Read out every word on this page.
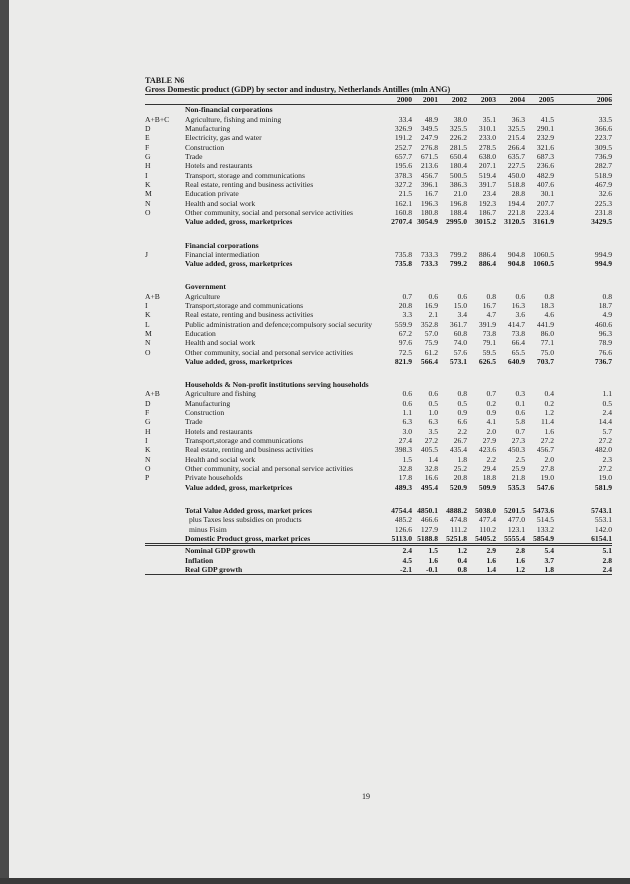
TABLE N6
Gross Domestic product (GDP) by sector and industry, Netherlands Antilles (mln ANG)
		2000	2001	2002	2003	2004	2005	2006
	Non-financial corporations							
A+B+C	Agriculture, fishing and mining	33.4	48.9	38.0	35.1	36.3	41.5	33.5
D	Manufacturing	326.9	349.5	325.5	310.1	325.5	290.1	366.6
E	Electricity, gas and water	191.2	247.9	226.2	233.0	215.4	232.9	223.7
F	Construction	252.7	276.8	281.5	278.5	266.4	321.6	309.5
G	Trade	657.7	671.5	650.4	638.0	635.7	687.3	736.9
H	Hotels and restaurants	195.6	213.6	180.4	207.1	227.5	236.6	282.7
I	Transport, storage and communications	378.3	456.7	500.5	519.4	450.0	482.9	518.9
K	Real estate, renting and business activities	327.2	396.1	386.3	391.7	518.8	407.6	467.9
M	Education private	21.5	16.7	21.0	23.4	28.8	30.1	32.6
N	Health and social work	162.1	196.3	196.8	192.3	194.4	207.7	225.3
O	Other community, social and personal service activities	160.8	180.8	188.4	186.7	221.8	223.4	231.8
	Value added, gross, marketprices	2707.4	3054.9	2995.0	3015.2	3120.5	3161.9	3429.5

	Financial corporations							
J	Financial intermediation	735.8	733.3	799.2	886.4	904.8	1060.5	994.9
	Value added, gross, marketprices	735.8	733.3	799.2	886.4	904.8	1060.5	994.9

	Government							
A+B	Agriculture	0.7	0.6	0.6	0.8	0.6	0.8	0.8
I	Transport,storage and communications	20.8	16.9	15.0	16.7	16.3	18.3	18.7
K	Real estate, renting and business activities	3.3	2.1	3.4	4.7	3.6	4.6	4.9
L	Public administration and defence;compulsory social security	559.9	352.8	361.7	391.9	414.7	441.9	460.6
M	Education	67.2	57.0	60.8	73.8	73.8	86.0	96.3
N	Health and social work	97.6	75.9	74.0	79.1	66.4	77.1	78.9
O	Other community, social and personal service activities	72.5	61.2	57.6	59.5	65.5	75.0	76.6
	Value added, gross, marketprices	821.9	566.4	573.1	626.5	640.9	703.7	736.7

	Households & Non-profit institutions serving households							
A+B	Agriculture and fishing	0.6	0.6	0.8	0.7	0.3	0.4	1.1
D	Manufacturing	0.6	0.5	0.5	0.2	0.1	0.2	0.5
F	Construction	1.1	1.0	0.9	0.9	0.6	1.2	2.4
G	Trade	6.3	6.3	6.6	4.1	5.8	11.4	14.4
H	Hotels and restaurants	3.0	3.5	2.2	2.0	0.7	1.6	5.7
I	Transport,storage and communications	27.4	27.2	26.7	27.9	27.3	27.2	27.2
K	Real estate, renting and business activities	398.3	405.5	435.4	423.6	450.3	456.7	482.0
N	Health and social work	1.5	1.4	1.8	2.2	2.5	2.0	2.3
O	Other community, social and personal service activities	32.8	32.8	25.2	29.4	25.9	27.8	27.2
P	Private households	17.8	16.6	20.8	18.8	21.8	19.0	19.0
	Value added, gross, marketprices	489.3	495.4	520.9	509.9	535.3	547.6	581.9

	Total Value Added gross, market prices	4754.4	4850.1	4888.2	5038.0	5201.5	5473.6	5743.1
	plus Taxes less subsidies on products	485.2	466.6	474.8	477.4	477.0	514.5	553.1
	minus Fisim	126.6	127.9	111.2	110.2	123.1	133.2	142.0
	Domestic Product gross, market prices	5113.0	5188.8	5251.8	5405.2	5555.4	5854.9	6154.1
	Nominal GDP growth	2.4	1.5	1.2	2.9	2.8	5.4	5.1
	Inflation	4.5	1.6	0.4	1.6	1.6	3.7	2.8
	Real GDP growth	-2.1	-0.1	0.8	1.4	1.2	1.8	2.4
19
